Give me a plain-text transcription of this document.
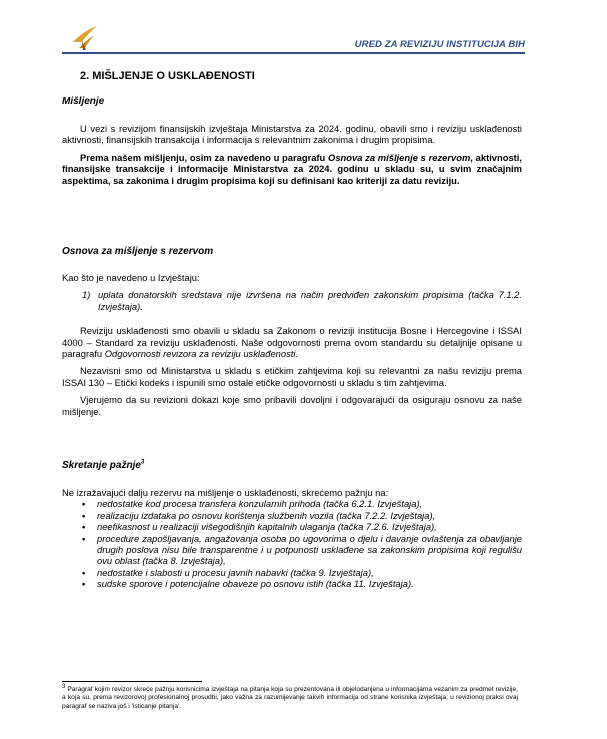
URED ZA REVIZIJU INSTITUCIJA BIH
2. MIŠLJENJE O USKLAĐENOSTI
Mišljenje

U vezi s revizijom finansijskih izvještaja Ministarstva za 2024. godinu, obavili smo i reviziju usklađenosti aktivnosti, finansijskih transakcija i informacija s relevantnim zakonima i drugim propisima.

Prema našem mišljenju, osim za navedeno u paragrafu Osnova za mišljenje s rezervom, aktivnosti, finansijske transakcije i informacije Ministarstva za 2024. godinu u skladu su, u svim značajnim aspektima, sa zakonima i drugim propisima koji su definisani kao kriteriji za datu reviziju.

Osnova za mišljenje s rezervom

Kao što je navedeno u Izvještaju:

1) uplata donatorskih sredstava nije izvršena na način predviđen zakonskim propisima (tačka 7.1.2. Izvještaja).

Reviziju usklađenosti smo obavili u skladu sa Zakonom o reviziji institucija Bosne i Hercegovine i ISSAI 4000 – Standard za reviziju usklađenosti. Naše odgovornosti prema ovom standardu su detaljnije opisane u paragrafu Odgovornosti revizora za reviziju usklađenosti.

Nezavisni smo od Ministarstva u skladu s etičkim zahtjevima koji su relevantni za našu reviziju prema ISSAI 130 – Etički kodeks i ispunili smo ostale etičke odgovornosti u skladu s tim zahtjevima.

Vjerujemo da su revizioni dokazi koje smo pribavili dovoljni i odgovarajući da osiguraju osnovu za naše mišljenje.

Skretanje pažnje$^3$

Ne izražavajući dalju rezervu na mišljenje o usklađenosti, skrećemo pažnju na:

•	nedostatke kod procesa transfera konzularnih prihoda (tačka 6.2.1. Izvještaja),
•	realizaciju izdataka po osnovu korištenja službenih vozila (tačka 7.2.2. Izvještaja),
•	neefikasnost u realizaciji višegodišnjih kapitalnih ulaganja (tačka 7.2.6. Izvještaja),
•	procedure zapošljavanja, angažovanja osoba po ugovorima o djelu i davanje ovlaštenja za obavljanje drugih poslova nisu bile transparentne i u potpunosti usklađene sa zakonskim propisima koji regulišu ovu oblast (tačka 8. Izvještaja),
•	nedostatke i slabosti u procesu javnih nabavki (tačka 9. Izvještaja),
•	sudske sporove i potencijalne obaveze po osnovu istih (tačka 11. Izvještaja).
$^3$ Paragraf kojim revizor skreće pažnju korisnicima izvještaja na pitanja koja su prezentovana ili objelodanjena u informacijama vezanim za predmet revizije, a koja su, prema revizorovoj profesionalnoj prosudbi, jako važna za razumijevanje takvih informacija od strane korisnika izvještaja; u revizionoj praksi ovaj paragraf se naziva još i 'isticanje pitanja'.
